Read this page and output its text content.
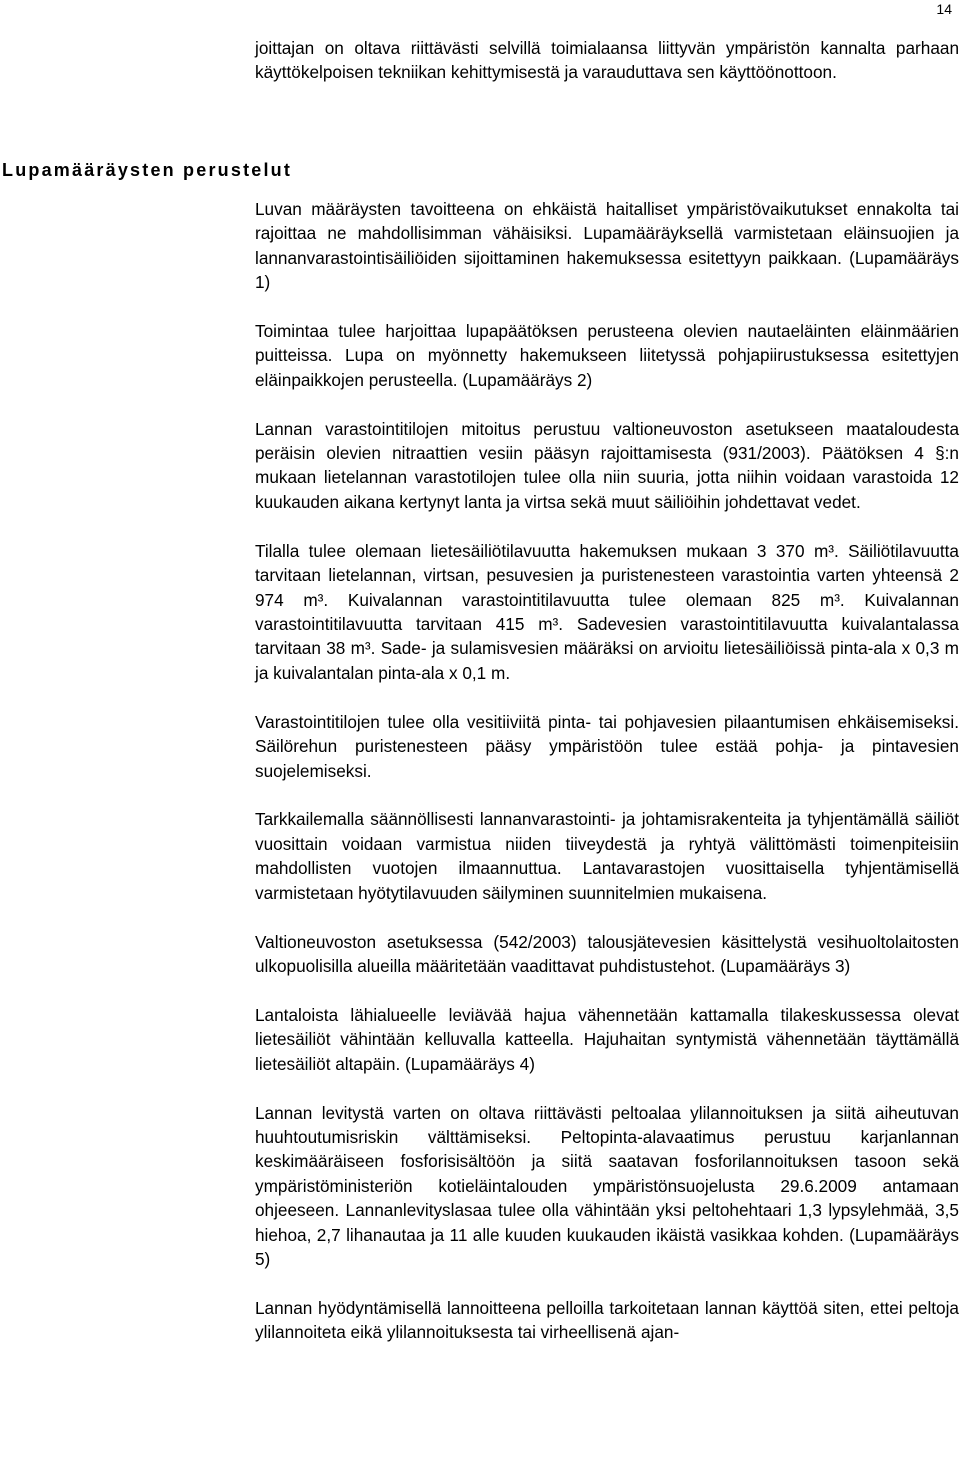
14
Lupamääräysten perustelut

joittajan on oltava riittävästi selvillä toimialaansa liittyvän ympäristön kannalta parhaan käyttökelpoisen tekniikan kehittymisestä ja varauduttava sen käyttöönottoon.

Luvan määräysten tavoitteena on ehkäistä haitalliset ympäristövaikutukset ennakolta tai rajoittaa ne mahdollisimman vähäisiksi. Lupamääräyksellä varmistetaan eläinsuojien ja lannanvarastointisäiliöiden sijoittaminen hakemuksessa esitettyyn paikkaan. (Lupamääräys 1)

Toimintaa tulee harjoittaa lupapäätöksen perusteena olevien nautaeläinten eläinmäärien puitteissa. Lupa on myönnetty hakemukseen liitetyssä pohjapiirustuksessa esitettyjen eläinpaikkojen perusteella. (Lupamääräys 2)

Lannan varastointitilojen mitoitus perustuu valtioneuvoston asetukseen maataloudesta peräisin olevien nitraattien vesiin pääsyn rajoittamisesta (931/2003). Päätöksen 4 §:n mukaan lietelannan varastotilojen tulee olla niin suuria, jotta niihin voidaan varastoida 12 kuukauden aikana kertynyt lanta ja virtsa sekä muut säiliöihin johdettavat vedet.

Tilalla tulee olemaan lietesäiliötilavuutta hakemuksen mukaan 3 370 m³. Säiliötilavuutta tarvitaan lietelannan, virtsan, pesuvesien ja puristenesteen varastointia varten yhteensä 2 974 m³. Kuivalannan varastointitilavuutta tulee olemaan 825 m³. Kuivalannan varastointitilavuutta tarvitaan 415 m³. Sadevesien varastointitilavuutta kuivalantalassa tarvitaan 38 m³. Sade- ja sulamisvesien määräksi on arvioitu lietesäiliöissä pinta-ala x 0,3 m ja kuivalantalan pinta-ala x 0,1 m.

Varastointitilojen tulee olla vesitiiviitä pinta- tai pohjavesien pilaantumisen ehkäisemiseksi. Säilörehun puristenesteen pääsy ympäristöön tulee estää pohja- ja pintavesien suojelemiseksi.

Tarkkailemalla säännöllisesti lannanvarastointi- ja johtamisrakenteita ja tyhjentämällä säiliöt vuosittain voidaan varmistua niiden tiiveydestä ja ryhtyä välittömästi toimenpiteisiin mahdollisten vuotojen ilmaannuttua. Lantavarastojen vuosittaisella tyhjentämisellä varmistetaan hyötytilavuuden säilyminen suunnitelmien mukaisena.

Valtioneuvoston asetuksessa (542/2003) talousjätevesien käsittelystä vesihuoltolaitosten ulkopuolisilla alueilla määritetään vaadittavat puhdistustehot. (Lupamääräys 3)

Lantaloista lähialueelle leviävää hajua vähennetään kattamalla tilakeskussessa olevat lietesäiliöt vähintään kelluvalla katteella. Hajuhaitan syntymistä vähennetään täyttämällä lietesäiliöt altapäin. (Lupamääräys 4)

Lannan levitystä varten on oltava riittävästi peltoalaa ylilannoituksen ja siitä aiheutuvan huuhtoutumisriskin välttämiseksi. Peltopinta-alavaatimus perustuu karjanlannan keskimääräiseen fosforisisältöön ja siitä saatavan fosforilannoituksen tasoon sekä ympäristöministeriön kotieläintalouden ympäristönsuojelusta 29.6.2009 antamaan ohjeeseen. Lannanlevityslasaa tulee olla vähintään yksi peltohehtaari 1,3 lypsylehmää, 3,5 hiehoa, 2,7 lihanautaa ja 11 alle kuuden kuukauden ikäistä vasikkaa kohden. (Lupamääräys 5)

Lannan hyödyntämisellä lannoitteena pelloilla tarkoitetaan lannan käyttöä siten, ettei peltoja ylilannoiteta eikä ylilannoituksesta tai virheellisenä ajan-
